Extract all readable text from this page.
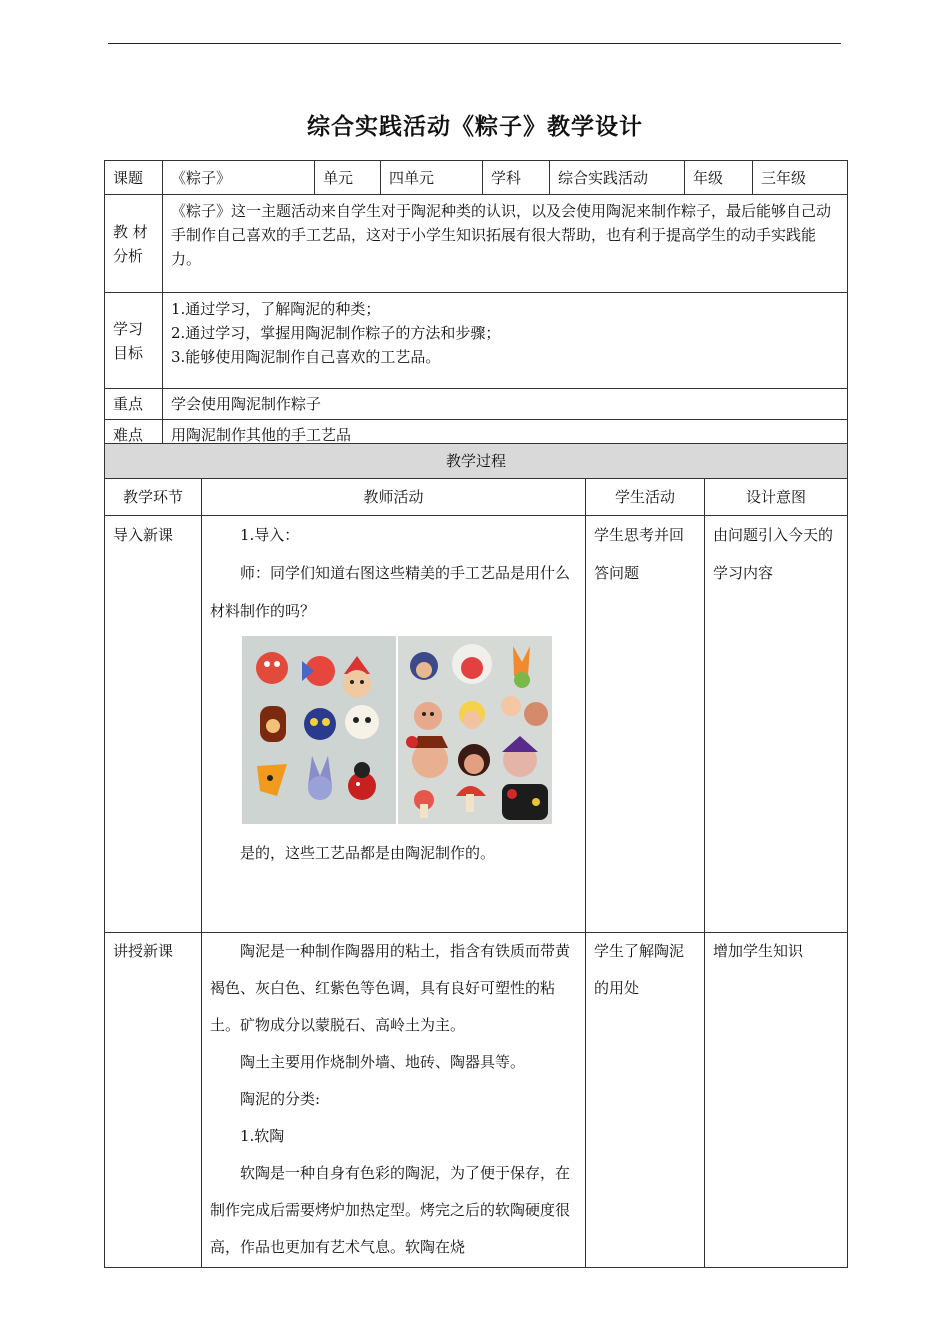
综合实践活动《粽子》教学设计
课题	《粽子》	单元	四单元	学科	综合实践活动	年级	三年级
教 材 分析	《粽子》这一主题活动来自学生对于陶泥种类的认识，以及会使用陶泥来制作粽子，最后能够自己动手制作自己喜欢的手工艺品，这对于小学生知识拓展有很大帮助，也有利于提高学生的动手实践能力。						
学习 目标	1.通过学习，了解陶泥的种类；

2.通过学习，掌握用陶泥制作粽子的方法和步骤；

3.能够使用陶泥制作自己喜欢的工艺品。						

重点	学会使用陶泥制作粽子						
难点	用陶泥制作其他的手工艺品						
教学过程			
教学环节	教师活动	学生活动	设计意图
导入新课	1.导入：

师：同学们知道右图这些精美的手工艺品是用什么材料制作的吗？

是的，这些工艺品都是由陶泥制作的。	学生思考并回答问题	由问题引入今天的学习内容
讲授新课	陶泥是一种制作陶器用的粘土，指含有铁质而带黄褐色、灰白色、红紫色等色调，具有良好可塑性的粘土。矿物成分以蒙脱石、高岭土为主。

陶土主要用作烧制外墙、地砖、陶器具等。

陶泥的分类:

1.软陶

软陶是一种自身有色彩的陶泥，为了便于保存，在制作完成后需要烤炉加热定型。烤完之后的软陶硬度很高，作品也更加有艺术气息。软陶在烧	学生了解陶泥的用处	增加学生知识
